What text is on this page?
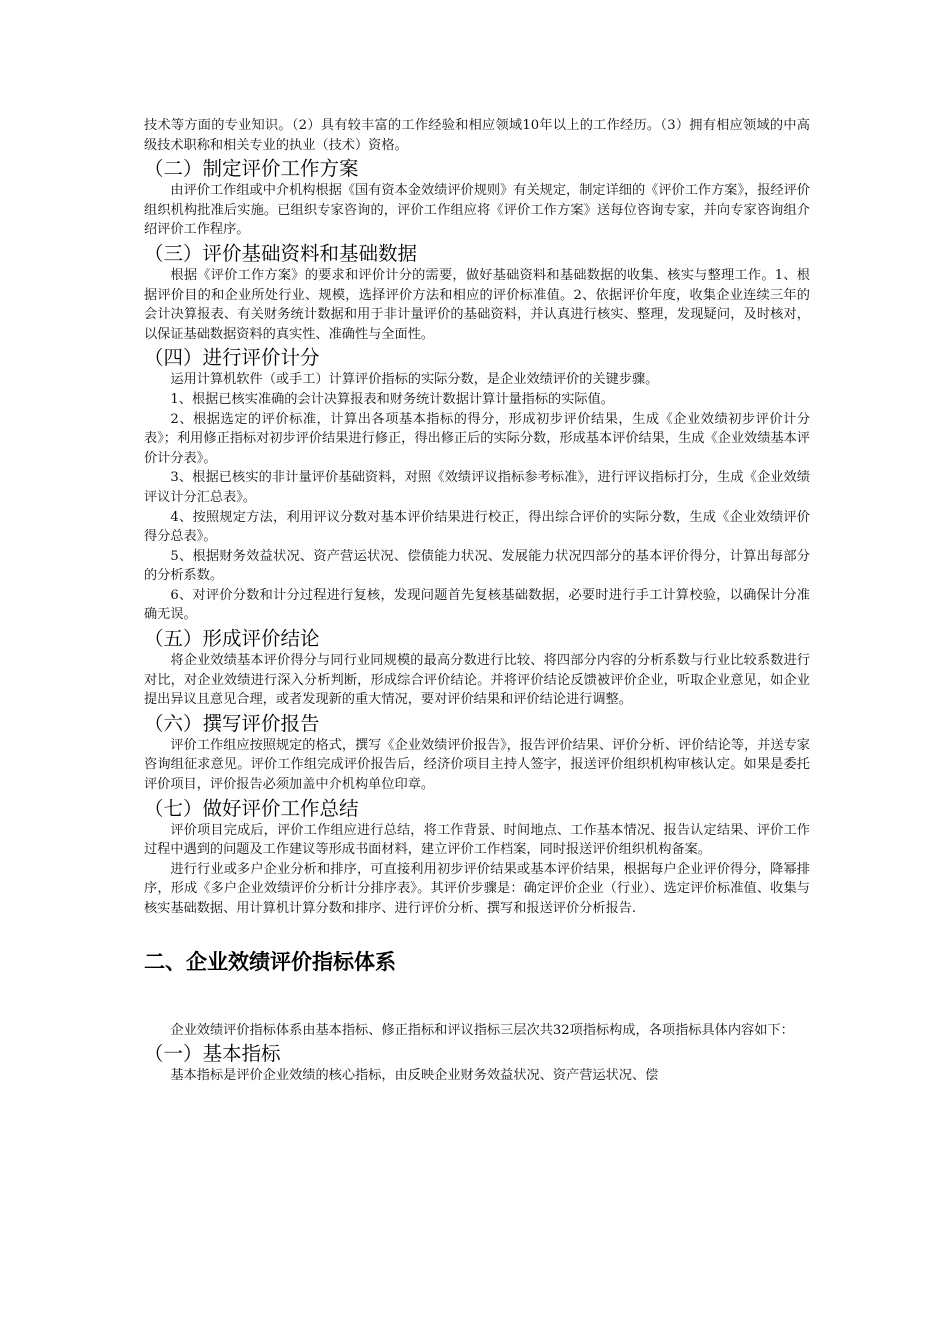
技术等方面的专业知识。（2）具有较丰富的工作经验和相应领域10年以上的工作经历。（3）拥有相应领域的中高级技术职称和相关专业的执业（技术）资格。

（二）制定评价工作方案

由评价工作组或中介机构根据《国有资本金效绩评价规则》有关规定，制定详细的《评价工作方案》，报经评价组织机构批准后实施。已组织专家咨询的，评价工作组应将《评价工作方案》送每位咨询专家，并向专家咨询组介绍评价工作程序。

（三）评价基础资料和基础数据

根据《评价工作方案》的要求和评价计分的需要，做好基础资料和基础数据的收集、核实与整理工作。1、根据评价目的和企业所处行业、规模，选择评价方法和相应的评价标准值。2、依据评价年度，收集企业连续三年的会计决算报表、有关财务统计数据和用于非计量评价的基础资料，并认真进行核实、整理，发现疑问，及时核对，以保证基础数据资料的真实性、准确性与全面性。

（四）进行评价计分

运用计算机软件（或手工）计算评价指标的实际分数，是企业效绩评价的关键步骤。

1、根据已核实准确的会计决算报表和财务统计数据计算计量指标的实际值。

2、根据选定的评价标准，计算出各项基本指标的得分，形成初步评价结果，生成《企业效绩初步评价计分表》；利用修正指标对初步评价结果进行修正，得出修正后的实际分数，形成基本评价结果，生成《企业效绩基本评价计分表》。

3、根据已核实的非计量评价基础资料，对照《效绩评议指标参考标准》，进行评议指标打分，生成《企业效绩评议计分汇总表》。

4、按照规定方法，利用评议分数对基本评价结果进行校正，得出综合评价的实际分数，生成《企业效绩评价得分总表》。

5、根据财务效益状况、资产营运状况、偿债能力状况、发展能力状况四部分的基本评价得分，计算出每部分的分析系数。

6、对评价分数和计分过程进行复核，发现问题首先复核基础数据，必要时进行手工计算校验，以确保计分准确无误。

（五）形成评价结论

将企业效绩基本评价得分与同行业同规模的最高分数进行比较、将四部分内容的分析系数与行业比较系数进行对比，对企业效绩进行深入分析判断，形成综合评价结论。并将评价结论反馈被评价企业，听取企业意见，如企业提出异议且意见合理，或者发现新的重大情况，要对评价结果和评价结论进行调整。

（六）撰写评价报告

评价工作组应按照规定的格式，撰写《企业效绩评价报告》，报告评价结果、评价分析、评价结论等，并送专家咨询组征求意见。评价工作组完成评价报告后，经济价项目主持人签字，报送评价组织机构审核认定。如果是委托评价项目，评价报告必须加盖中介机构单位印章。

（七）做好评价工作总结

评价项目完成后，评价工作组应进行总结，将工作背景、时间地点、工作基本情况、报告认定结果、评价工作过程中遇到的问题及工作建议等形成书面材料，建立评价工作档案，同时报送评价组织机构备案。

进行行业或多户企业分析和排序，可直接利用初步评价结果或基本评价结果，根据每户企业评价得分，降幂排序，形成《多户企业效绩评价分析计分排序表》。其评价步骤是：确定评价企业（行业）、选定评价标准值、收集与核实基础数据、用计算机计算分数和排序、进行评价分析、撰写和报送评价分析报告.

二、企业效绩评价指标体系

企业效绩评价指标体系由基本指标、修正指标和评议指标三层次共32项指标构成，各项指标具体内容如下：

（一）基本指标

基本指标是评价企业效绩的核心指标，由反映企业财务效益状况、资产营运状况、偿
